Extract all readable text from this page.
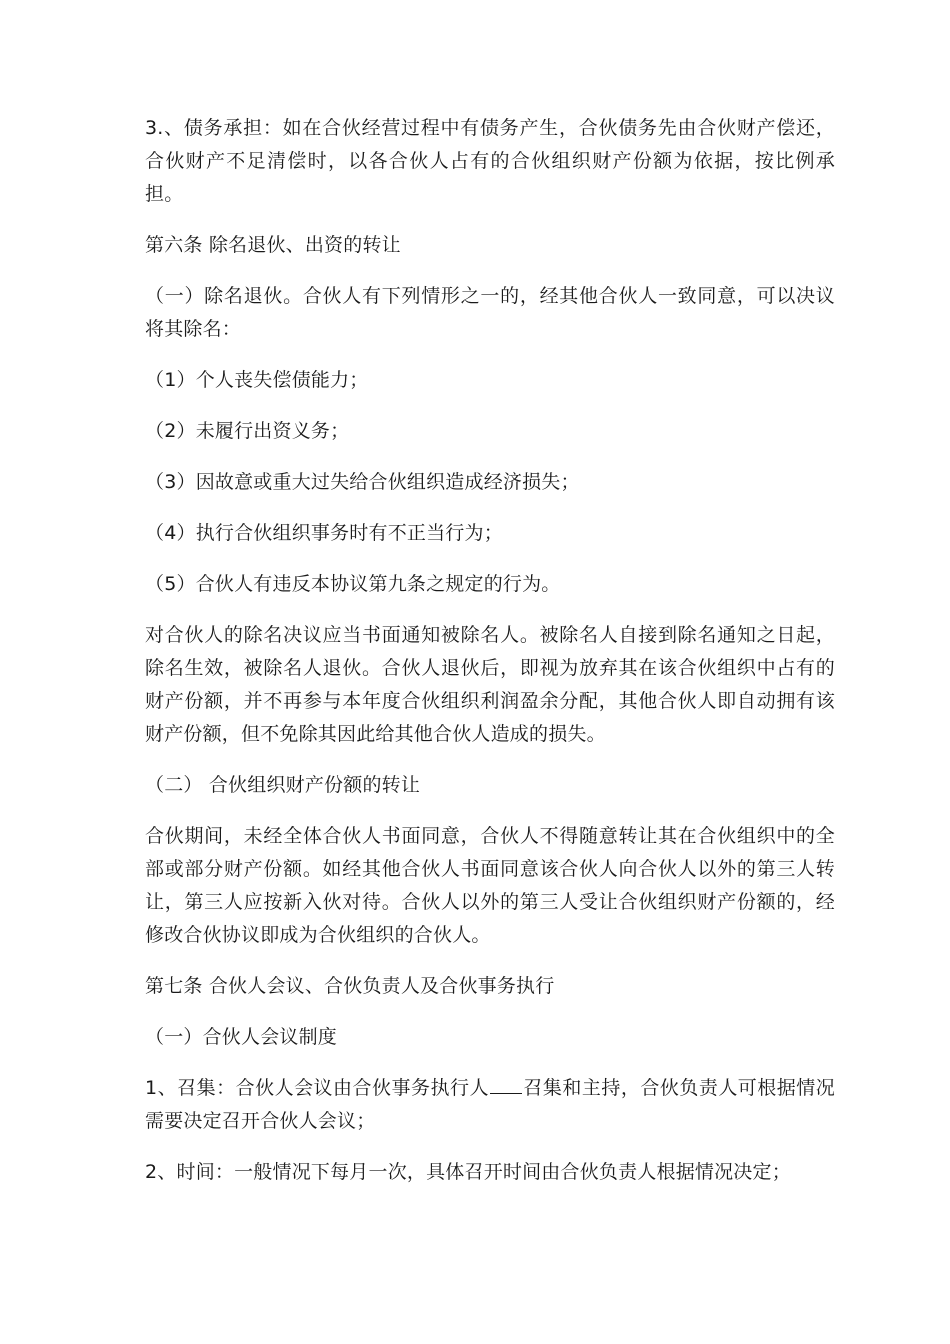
3.、债务承担：如在合伙经营过程中有债务产生，合伙债务先由合伙财产偿还，合伙财产不足清偿时，以各合伙人占有的合伙组织财产份额为依据，按比例承担。

第六条 除名退伙、出资的转让

（一）除名退伙。合伙人有下列情形之一的，经其他合伙人一致同意，可以决议将其除名：

（1）个人丧失偿债能力；

（2）未履行出资义务；

（3）因故意或重大过失给合伙组织造成经济损失；

（4）执行合伙组织事务时有不正当行为；

（5）合伙人有违反本协议第九条之规定的行为。

对合伙人的除名决议应当书面通知被除名人。被除名人自接到除名通知之日起，除名生效，被除名人退伙。合伙人退伙后，即视为放弃其在该合伙组织中占有的财产份额，并不再参与本年度合伙组织利润盈余分配，其他合伙人即自动拥有该财产份额，但不免除其因此给其他合伙人造成的损失。

（二） 合伙组织财产份额的转让

合伙期间，未经全体合伙人书面同意，合伙人不得随意转让其在合伙组织中的全部或部分财产份额。如经其他合伙人书面同意该合伙人向合伙人以外的第三人转让，第三人应按新入伙对待。合伙人以外的第三人受让合伙组织财产份额的，经修改合伙协议即成为合伙组织的合伙人。

第七条 合伙人会议、合伙负责人及合伙事务执行

（一）合伙人会议制度

1、召集：合伙人会议由合伙事务执行人 召集和主持，合伙负责人可根据情况需要决定召开合伙人会议；

2、时间：一般情况下每月一次，具体召开时间由合伙负责人根据情况决定；
